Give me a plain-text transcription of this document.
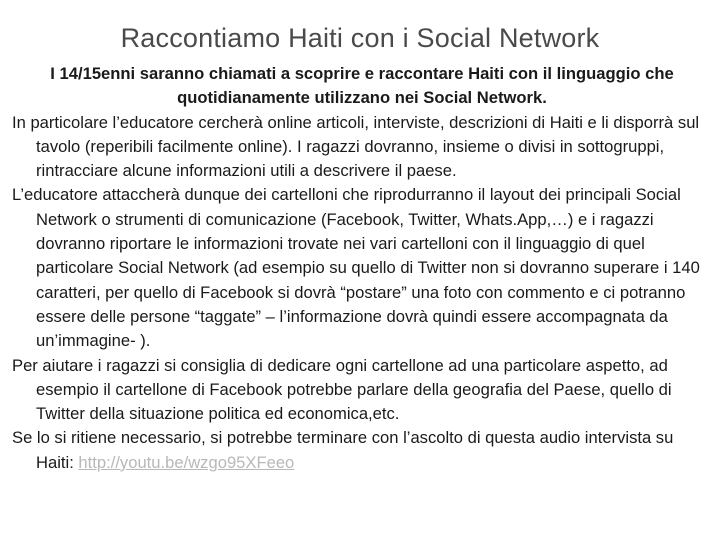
Raccontiamo Haiti con i Social Network

I 14/15enni saranno chiamati a scoprire e raccontare Haiti con il linguaggio che quotidianamente utilizzano nei Social Network.

In particolare l’educatore cercherà online articoli, interviste, descrizioni di Haiti e li disporrà sul tavolo (reperibili facilmente online). I ragazzi dovranno, insieme o divisi in sottogruppi, rintracciare alcune informazioni utili a descrivere il paese.

L’educatore attaccherà dunque dei cartelloni che riprodurranno il layout dei principali Social Network o strumenti di comunicazione (Facebook, Twitter, Whats.App,…) e i ragazzi dovranno riportare le informazioni trovate nei vari cartelloni con il linguaggio di quel particolare Social Network (ad esempio su quello di Twitter non si dovranno superare i 140 caratteri, per quello di Facebook si dovrà “postare” una foto con commento e ci potranno essere delle persone “taggate” – l’informazione dovrà quindi essere accompagnata da un’immagine- ).

Per aiutare i ragazzi si consiglia di dedicare ogni cartellone ad una particolare aspetto, ad esempio il cartellone di Facebook potrebbe parlare della geografia del Paese, quello di Twitter della situazione politica ed economica,etc.

Se lo si ritiene necessario, si potrebbe terminare con l’ascolto di questa audio intervista su Haiti: http://youtu.be/wzgo95XFeeo
